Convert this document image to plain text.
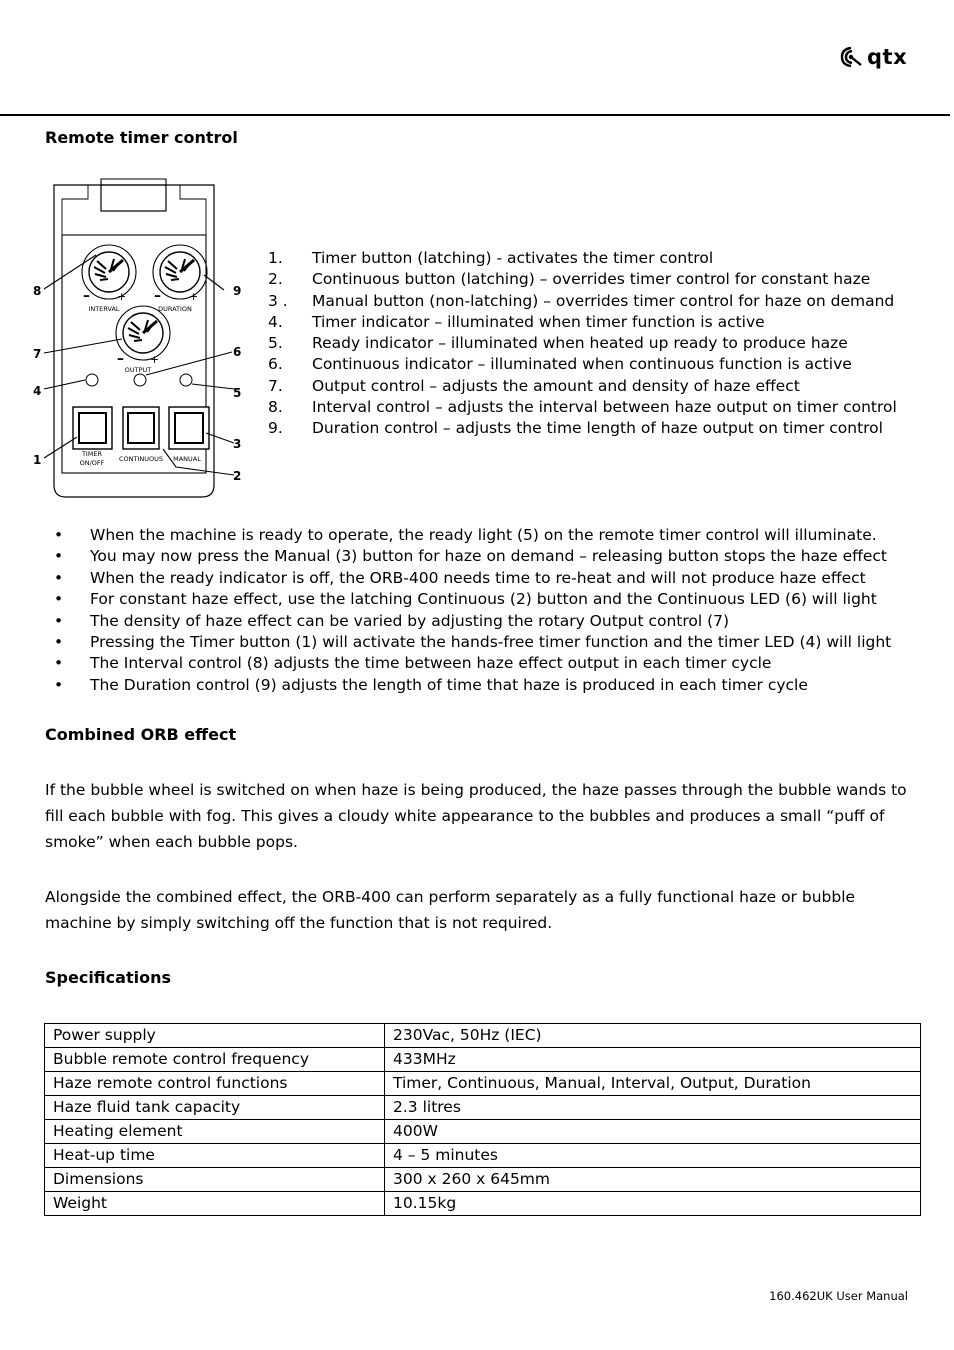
qtx
Remote timer control
– + –	+
– +
INTERVAL	DURATION
OUTPUT
TIMER
ON/OFF CONTINUOUS MANUAL
8
7
4
1
9
6
5
3
2
1. Timer button (latching) - activates the timer control
2. Continuous button (latching) – overrides timer control for constant haze
3 . Manual button (non-latching) – overrides timer control for haze on demand
4. Timer indicator – illuminated when timer function is active
5. Ready indicator – illuminated when heated up ready to produce haze
6. Continuous indicator – illuminated when continuous function is active
7. Output control – adjusts the amount and density of haze effect
8. Interval control – adjusts the interval between haze output on timer control
9. Duration control – adjusts the time length of haze output on timer control
• When the machine is ready to operate, the ready light (5) on the remote timer control will illuminate.
• You may now press the Manual (3) button for haze on demand – releasing button stops the haze effect
• When the ready indicator is off, the ORB-400 needs time to re-heat and will not produce haze effect
• For constant haze effect, use the latching Continuous (2) button and the Continuous LED (6) will light
• The density of haze effect can be varied by adjusting the rotary Output control (7)
• Pressing the Timer button (1) will activate the hands-free timer function and the timer LED (4) will light
• The Interval control (8) adjusts the time between haze effect output in each timer cycle
• The Duration control (9) adjusts the length of time that haze is produced in each timer cycle
Combined ORB effect

If the bubble wheel is switched on when haze is being produced, the haze passes through the bubble wands to fill each bubble with fog. This gives a cloudy white appearance to the bubbles and produces a small “puff of smoke” when each bubble pops.

Alongside the combined effect, the ORB-400 can perform separately as a fully functional haze or bubble machine by simply switching off the function that is not required.

Specifications
Power supply	230Vac, 50Hz (IEC)
Bubble remote control frequency	433MHz
Haze remote control functions	Timer, Continuous, Manual, Interval, Output, Duration
Haze fluid tank capacity	2.3 litres
Heating element	400W
Heat-up time	4 – 5 minutes
Dimensions	300 x 260 x 645mm
Weight	10.15kg
160.462UK User Manual
